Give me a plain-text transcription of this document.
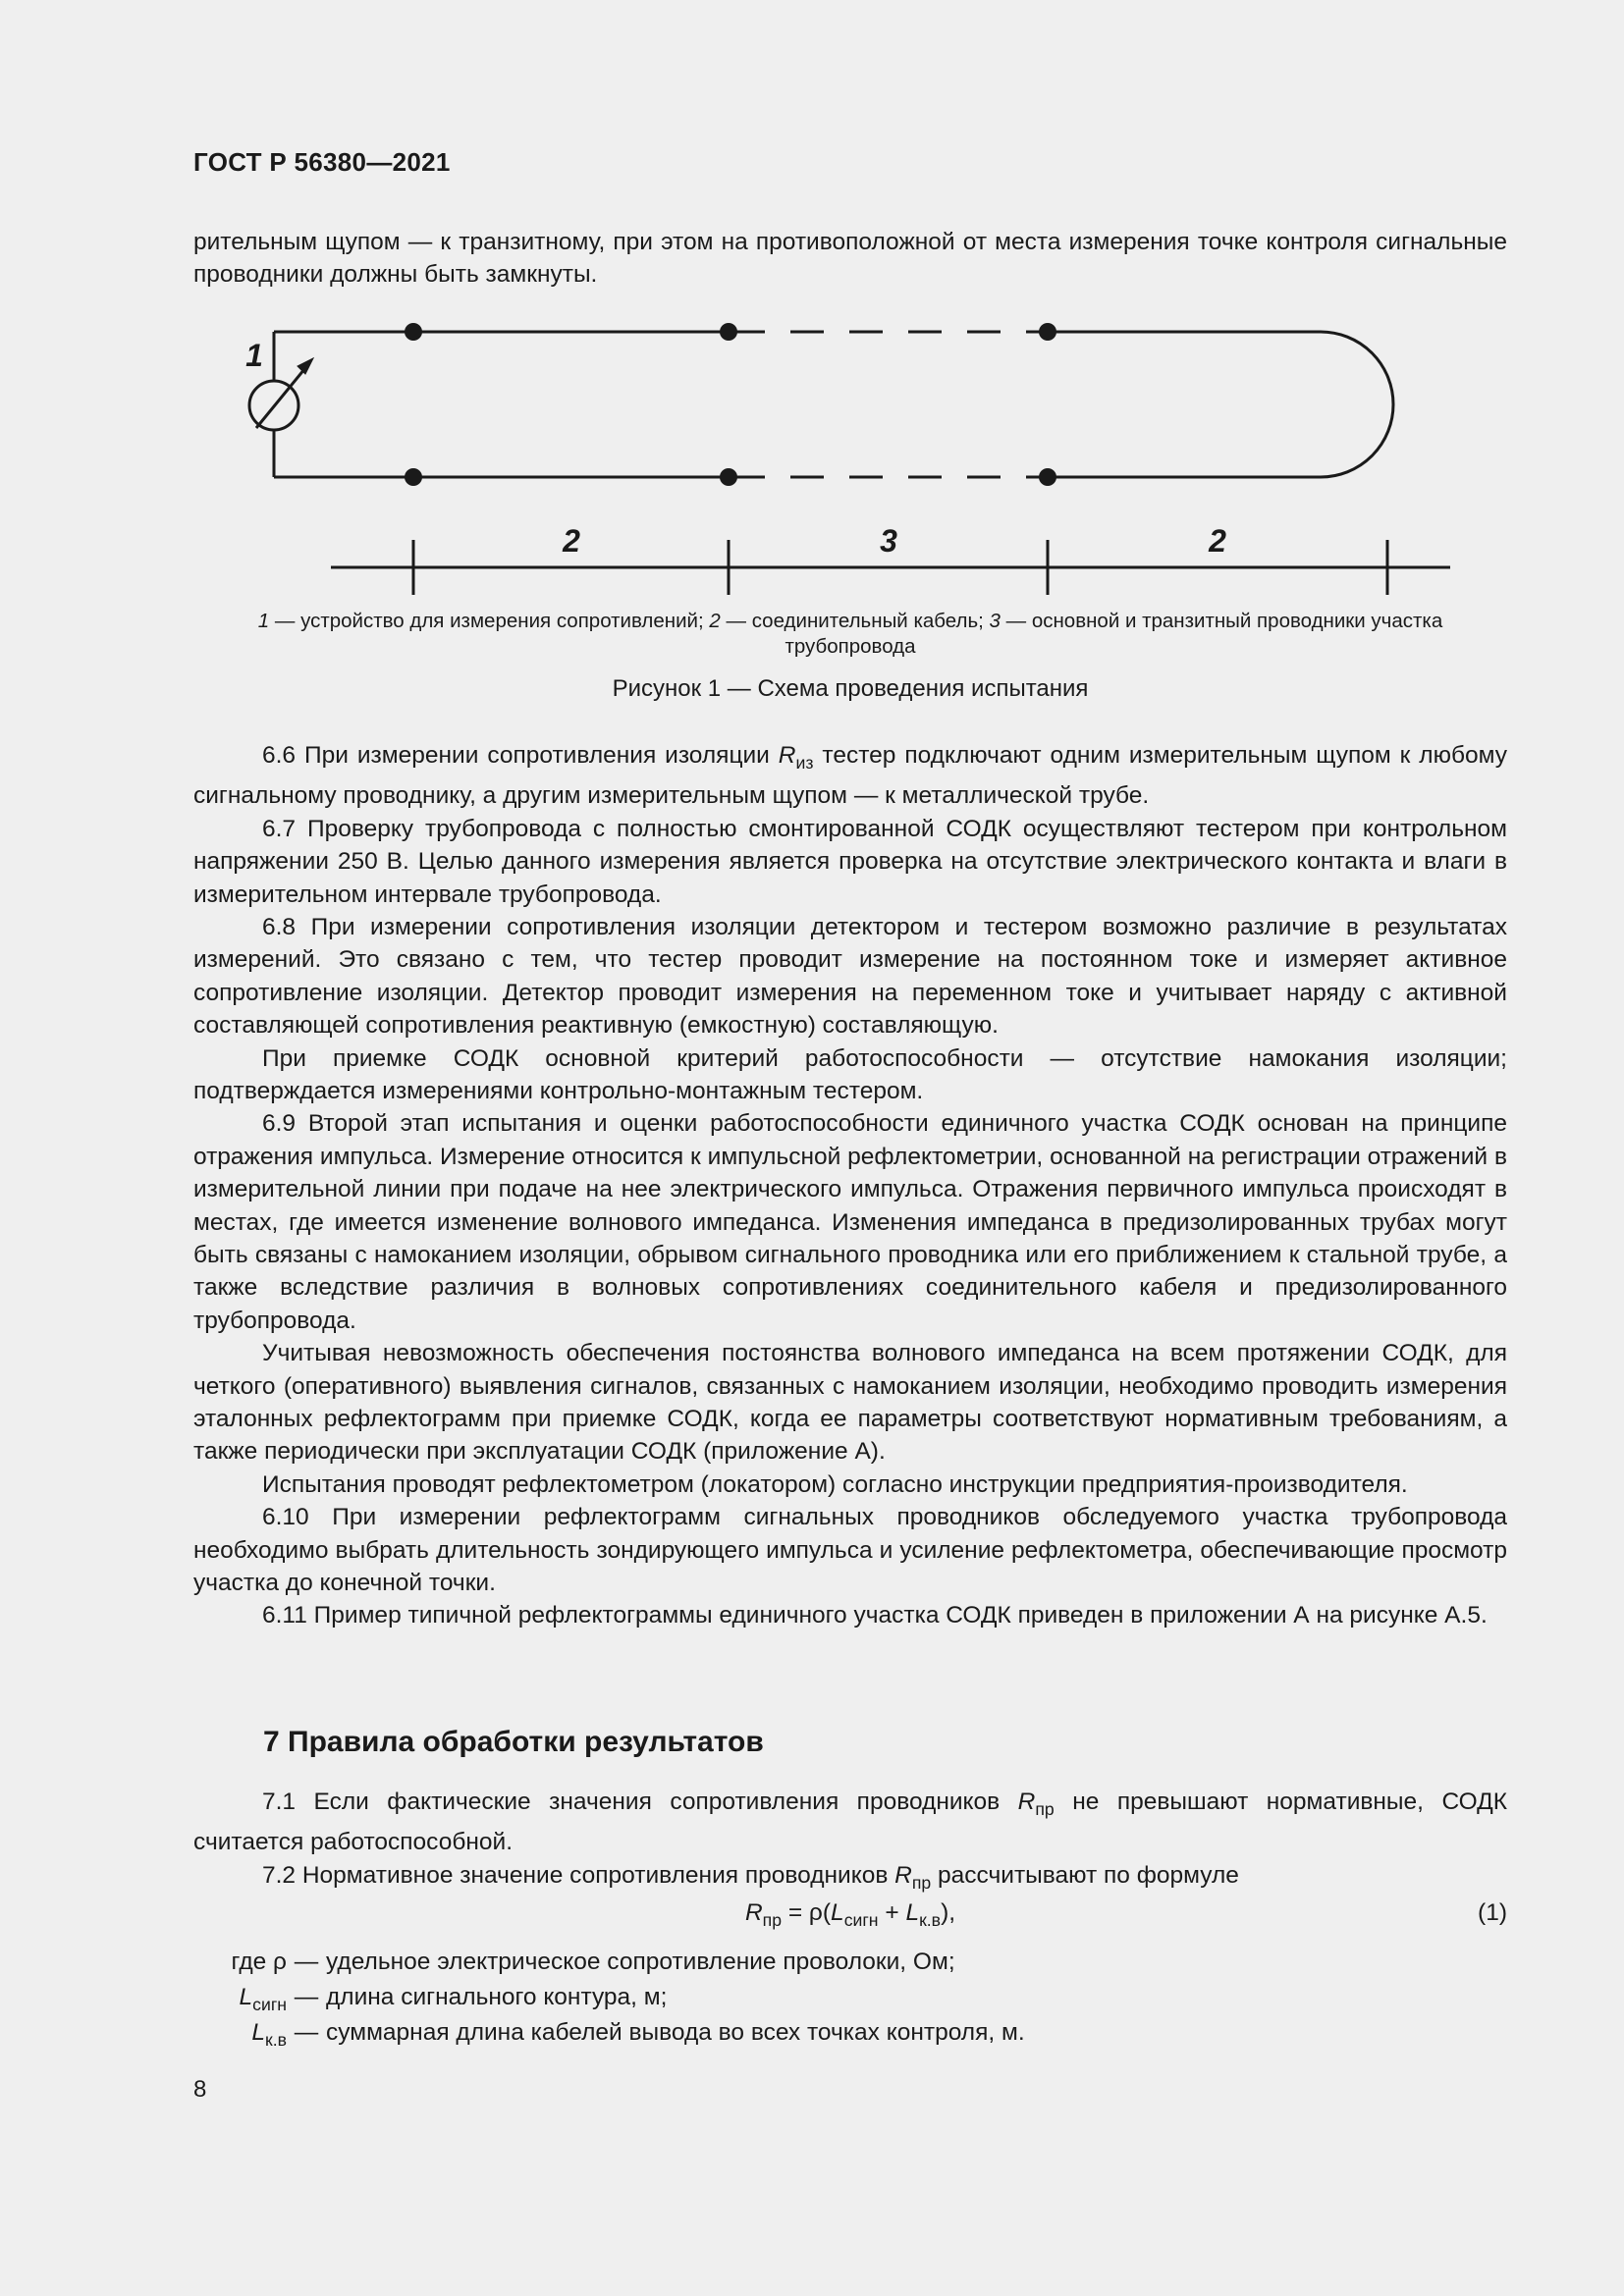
ГОСТ Р 56380—2021

рительным щупом — к транзитному, при этом на противоположной от места измерения точке контроля сигнальные проводники должны быть замкнуты.

1
2	3	2
1 — устройство для измерения сопротивлений; 2 — соединительный кабель; 3 — основной и транзитный проводники участка трубопровода
Рисунок 1 — Схема проведения испытания

6.6 При измерении сопротивления изоляции $R_{из}$ тестер подключают одним измерительным щупом к любому сигнальному проводнику, а другим измерительным щупом — к металлической трубе.

6.7 Проверку трубопровода с полностью смонтированной СОДК осуществляют тестером при контрольном напряжении 250 В. Целью данного измерения является проверка на отсутствие электрического контакта и влаги в измерительном интервале трубопровода.

6.8 При измерении сопротивления изоляции детектором и тестером возможно различие в результатах измерений. Это связано с тем, что тестер проводит измерение на постоянном токе и измеряет активное сопротивление изоляции. Детектор проводит измерения на переменном токе и учитывает наряду с активной составляющей сопротивления реактивную (емкостную) составляющую.

При приемке СОДК основной критерий работоспособности — отсутствие намокания изоляции; подтверждается измерениями контрольно-монтажным тестером.

6.9 Второй этап испытания и оценки работоспособности единичного участка СОДК основан на принципе отражения импульса. Измерение относится к импульсной рефлектометрии, основанной на регистрации отражений в измерительной линии при подаче на нее электрического импульса. Отражения первичного импульса происходят в местах, где имеется изменение волнового импеданса. Изменения импеданса в предизолированных трубах могут быть связаны с намоканием изоляции, обрывом сигнального проводника или его приближением к стальной трубе, а также вследствие различия в волновых сопротивлениях соединительного кабеля и предизолированного трубопровода.

Учитывая невозможность обеспечения постоянства волнового импеданса на всем протяжении СОДК, для четкого (оперативного) выявления сигналов, связанных с намоканием изоляции, необходимо проводить измерения эталонных рефлектограмм при приемке СОДК, когда ее параметры соответствуют нормативным требованиям, а также периодически при эксплуатации СОДК (приложение А).

Испытания проводят рефлектометром (локатором) согласно инструкции предприятия-производителя.

6.10 При измерении рефлектограмм сигнальных проводников обследуемого участка трубопровода необходимо выбрать длительность зондирующего импульса и усиление рефлектометра, обеспечивающие просмотр участка до конечной точки.

6.11 Пример типичной рефлектограммы единичного участка СОДК приведен в приложении А на рисунке А.5.

7 Правила обработки результатов

7.1 Если фактические значения сопротивления проводников $R_{пр}$ не превышают нормативные, СОДК считается работоспособной.

7.2 Нормативное значение сопротивления проводников $R_{пр}$ рассчитывают по формуле

$R_{пр} = \rho(L_{сигн} + L_{к.в})$,	(1)
где ρ — удельное электрическое сопротивление проволоки, Ом;
$L_{сигн}$ — длина сигнального контура, м;
$L_{к.в}$ — суммарная длина кабелей вывода во всех точках контроля, м.
8
